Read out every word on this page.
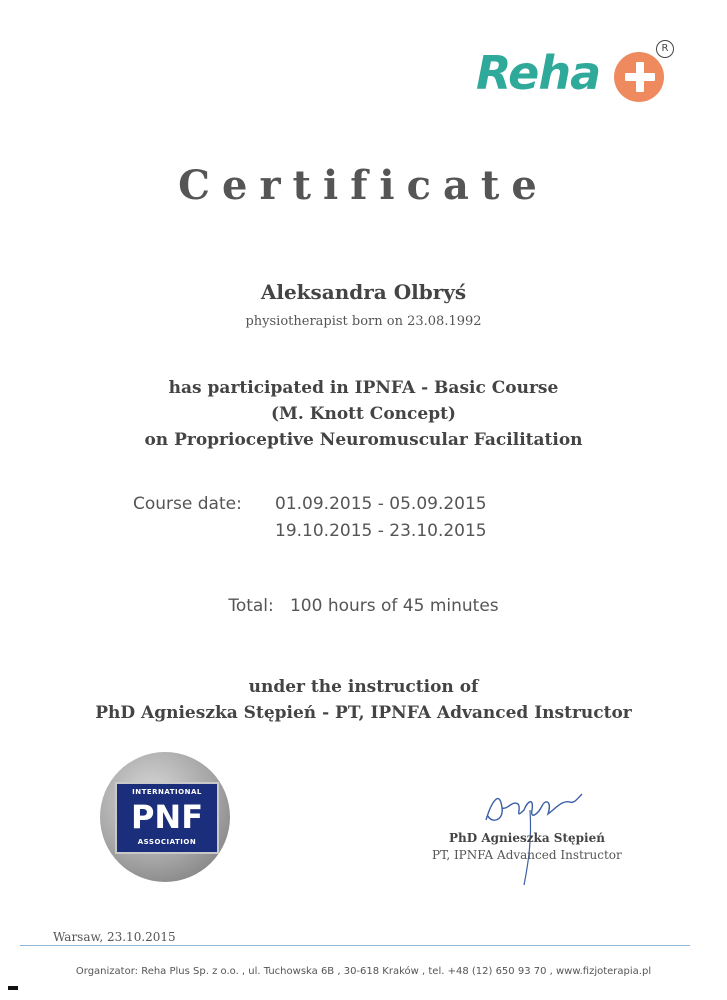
Reha	R
Certificate
Aleksandra Olbryś
physiotherapist born on 23.08.1992
has participated in IPNFA - Basic Course
(M. Knott Concept)
on Proprioceptive Neuromuscular Facilitation
Course date: 01.09.2015 - 05.09.2015
19.10.2015 - 23.10.2015
Total:   100 hours of 45 minutes
under the instruction of
PhD Agnieszka Stępień - PT, IPNFA Advanced Instructor
INTERNATIONAL
PNF
ASSOCIATION	PhD Agnieszka Stępień
PT, IPNFA Advanced Instructor
Warsaw, 23.10.2015
Organizator: Reha Plus Sp. z o.o. , ul. Tuchowska 6B , 30-618 Kraków , tel. +48 (12) 650 93 70 , www.fizjoterapia.pl
